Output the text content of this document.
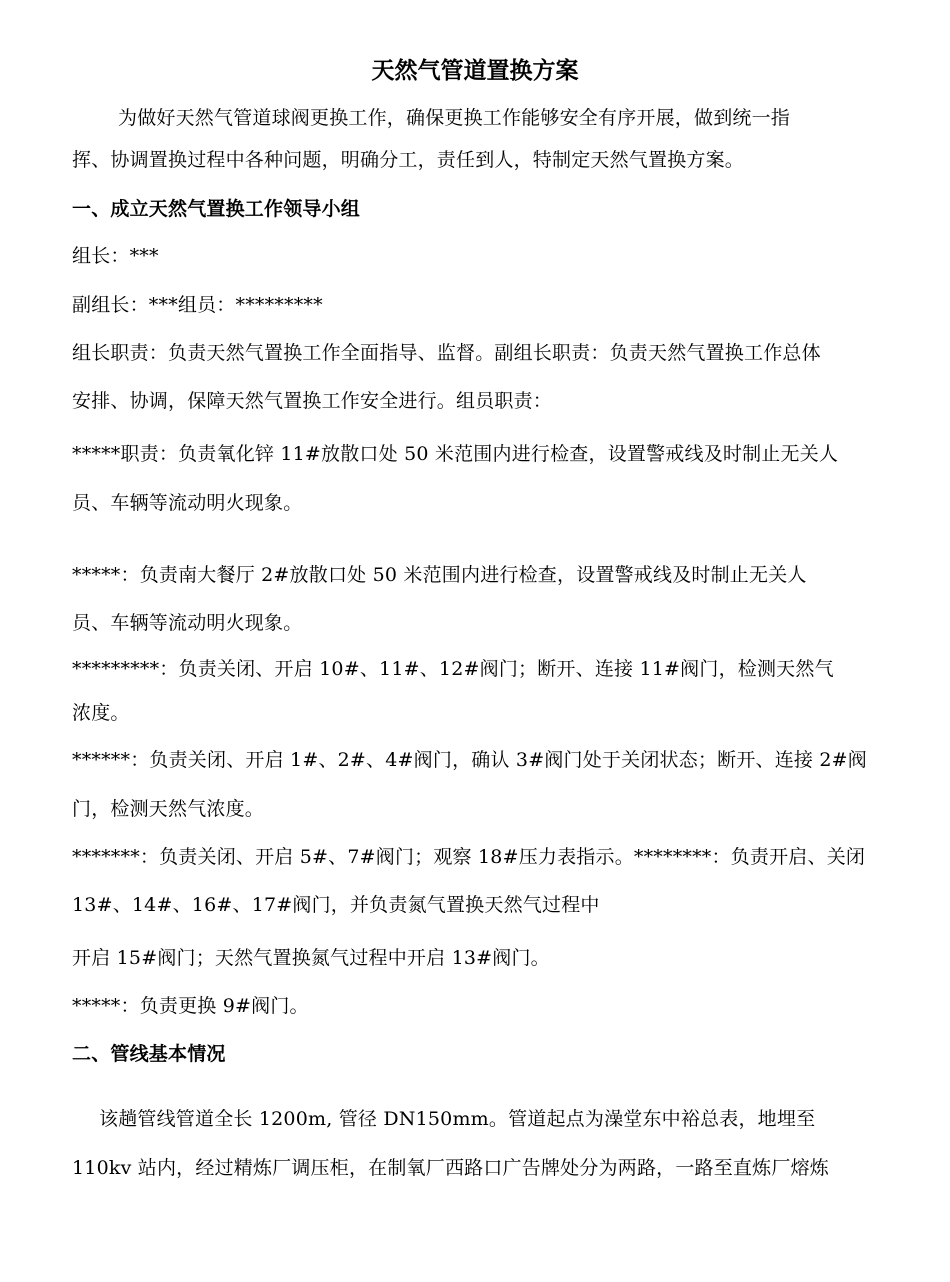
天然气管道置换方案
为做好天然气管道球阀更换工作，确保更换工作能够安全有序开展，做到统一指
挥、协调置换过程中各种问题，明确分工，责任到人，特制定天然气置换方案。
一、成立天然气置换工作领导小组
组长：***
副组长：***组员：*********
组长职责：负责天然气置换工作全面指导、监督。副组长职责：负责天然气置换工作总体
安排、协调，保障天然气置换工作安全进行。组员职责：
*****职责：负责氧化锌 11#放散口处 50 米范围内进行检查，设置警戒线及时制止无关人
员、车辆等流动明火现象。
*****：负责南大餐厅 2#放散口处 50 米范围内进行检查，设置警戒线及时制止无关人
员、车辆等流动明火现象。
*********：负责关闭、开启 10#、11#、12#阀门；断开、连接 11#阀门，检测天然气
浓度。
******：负责关闭、开启 1#、2#、4#阀门，确认 3#阀门处于关闭状态；断开、连接 2#阀
门，检测天然气浓度。
*******：负责关闭、开启 5#、7#阀门；观察 18#压力表指示。********：负责开启、关闭
13#、14#、16#、17#阀门，并负责氮气置换天然气过程中
开启 15#阀门；天然气置换氮气过程中开启 13#阀门。
*****：负责更换 9#阀门。
二、管线基本情况
该趟管线管道全长 1200m, 管径 DN150mm。管道起点为澡堂东中裕总表，地埋至
110kv 站内，经过精炼厂调压柜，在制氧厂西路口广告牌处分为两路，一路至直炼厂熔炼
